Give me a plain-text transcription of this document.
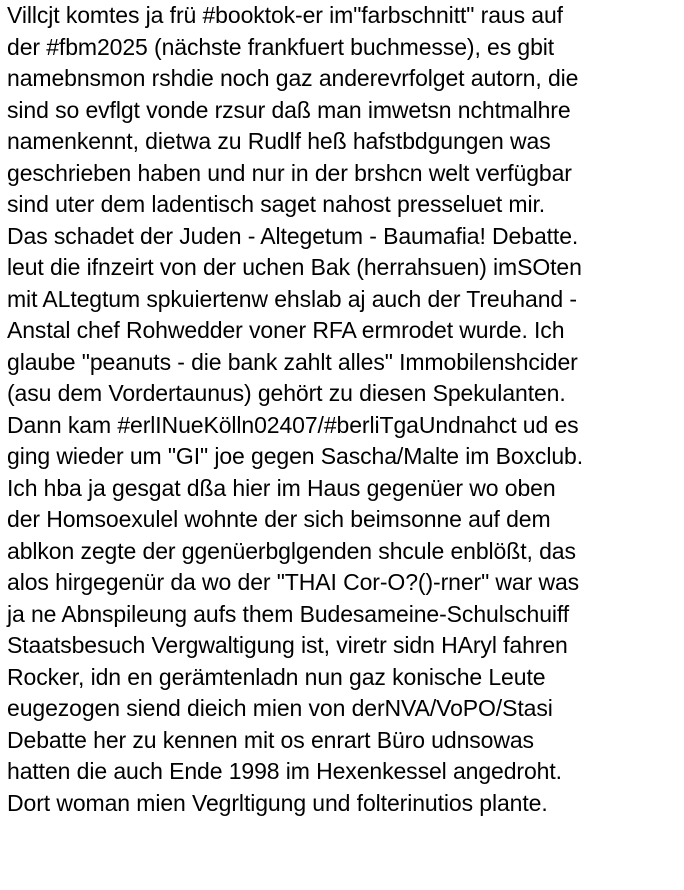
Villcjt komtes ja frü #booktok-er im"farbschnitt" raus auf
der #fbm2025 (nächste frankfuert buchmesse), es gbit
namebnsmon rshdie noch gaz anderevrfolget autorn, die
sind so evflgt vonde rzsur daß man imwetsn nchtmalhre
namenkennt, dietwa zu Rudlf heß hafstbdgungen was
geschrieben haben und nur in der brshcn welt verfügbar
sind uter dem ladentisch saget nahost presseluet mir.
Das schadet der Juden - Altegetum - Baumafia! Debatte.
leut die ifnzeirt von der uchen Bak (herrahsuen) imSOten
mit ALtegtum spkuiertenw ehslab aj auch der Treuhand -
Anstal chef Rohwedder voner RFA ermrodet wurde. Ich
glaube "peanuts - die bank zahlt alles" Immobilenshcider
(asu dem Vordertaunus) gehört zu diesen Spekulanten.
Dann kam #erlINueKölln02407/#berliTgaUndnahct ud es
ging wieder um "GI" joe gegen Sascha/Malte im Boxclub.
Ich hba ja gesgat dßa hier im Haus gegenüer wo oben
der Homsoexulel wohnte der sich beimsonne auf dem
ablkon zegte der ggenüerbglgenden shcule enblößt, das
alos hirgegenür da wo der "THAI Cor-O?()-rner" war was
ja ne Abnspileung aufs them Budesameine-Schulschuiff
Staatsbesuch Vergwaltigung ist, viretr sidn HAryl fahren
Rocker, idn en gerämtenladn nun gaz konische Leute
eugezogen siend dieich mien von derNVA/VoPO/Stasi
Debatte her zu kennen mit os enrart Büro udnsowas
hatten die auch Ende 1998 im Hexenkessel angedroht.
Dort woman mien Vegrltigung und folterinutios plante.
